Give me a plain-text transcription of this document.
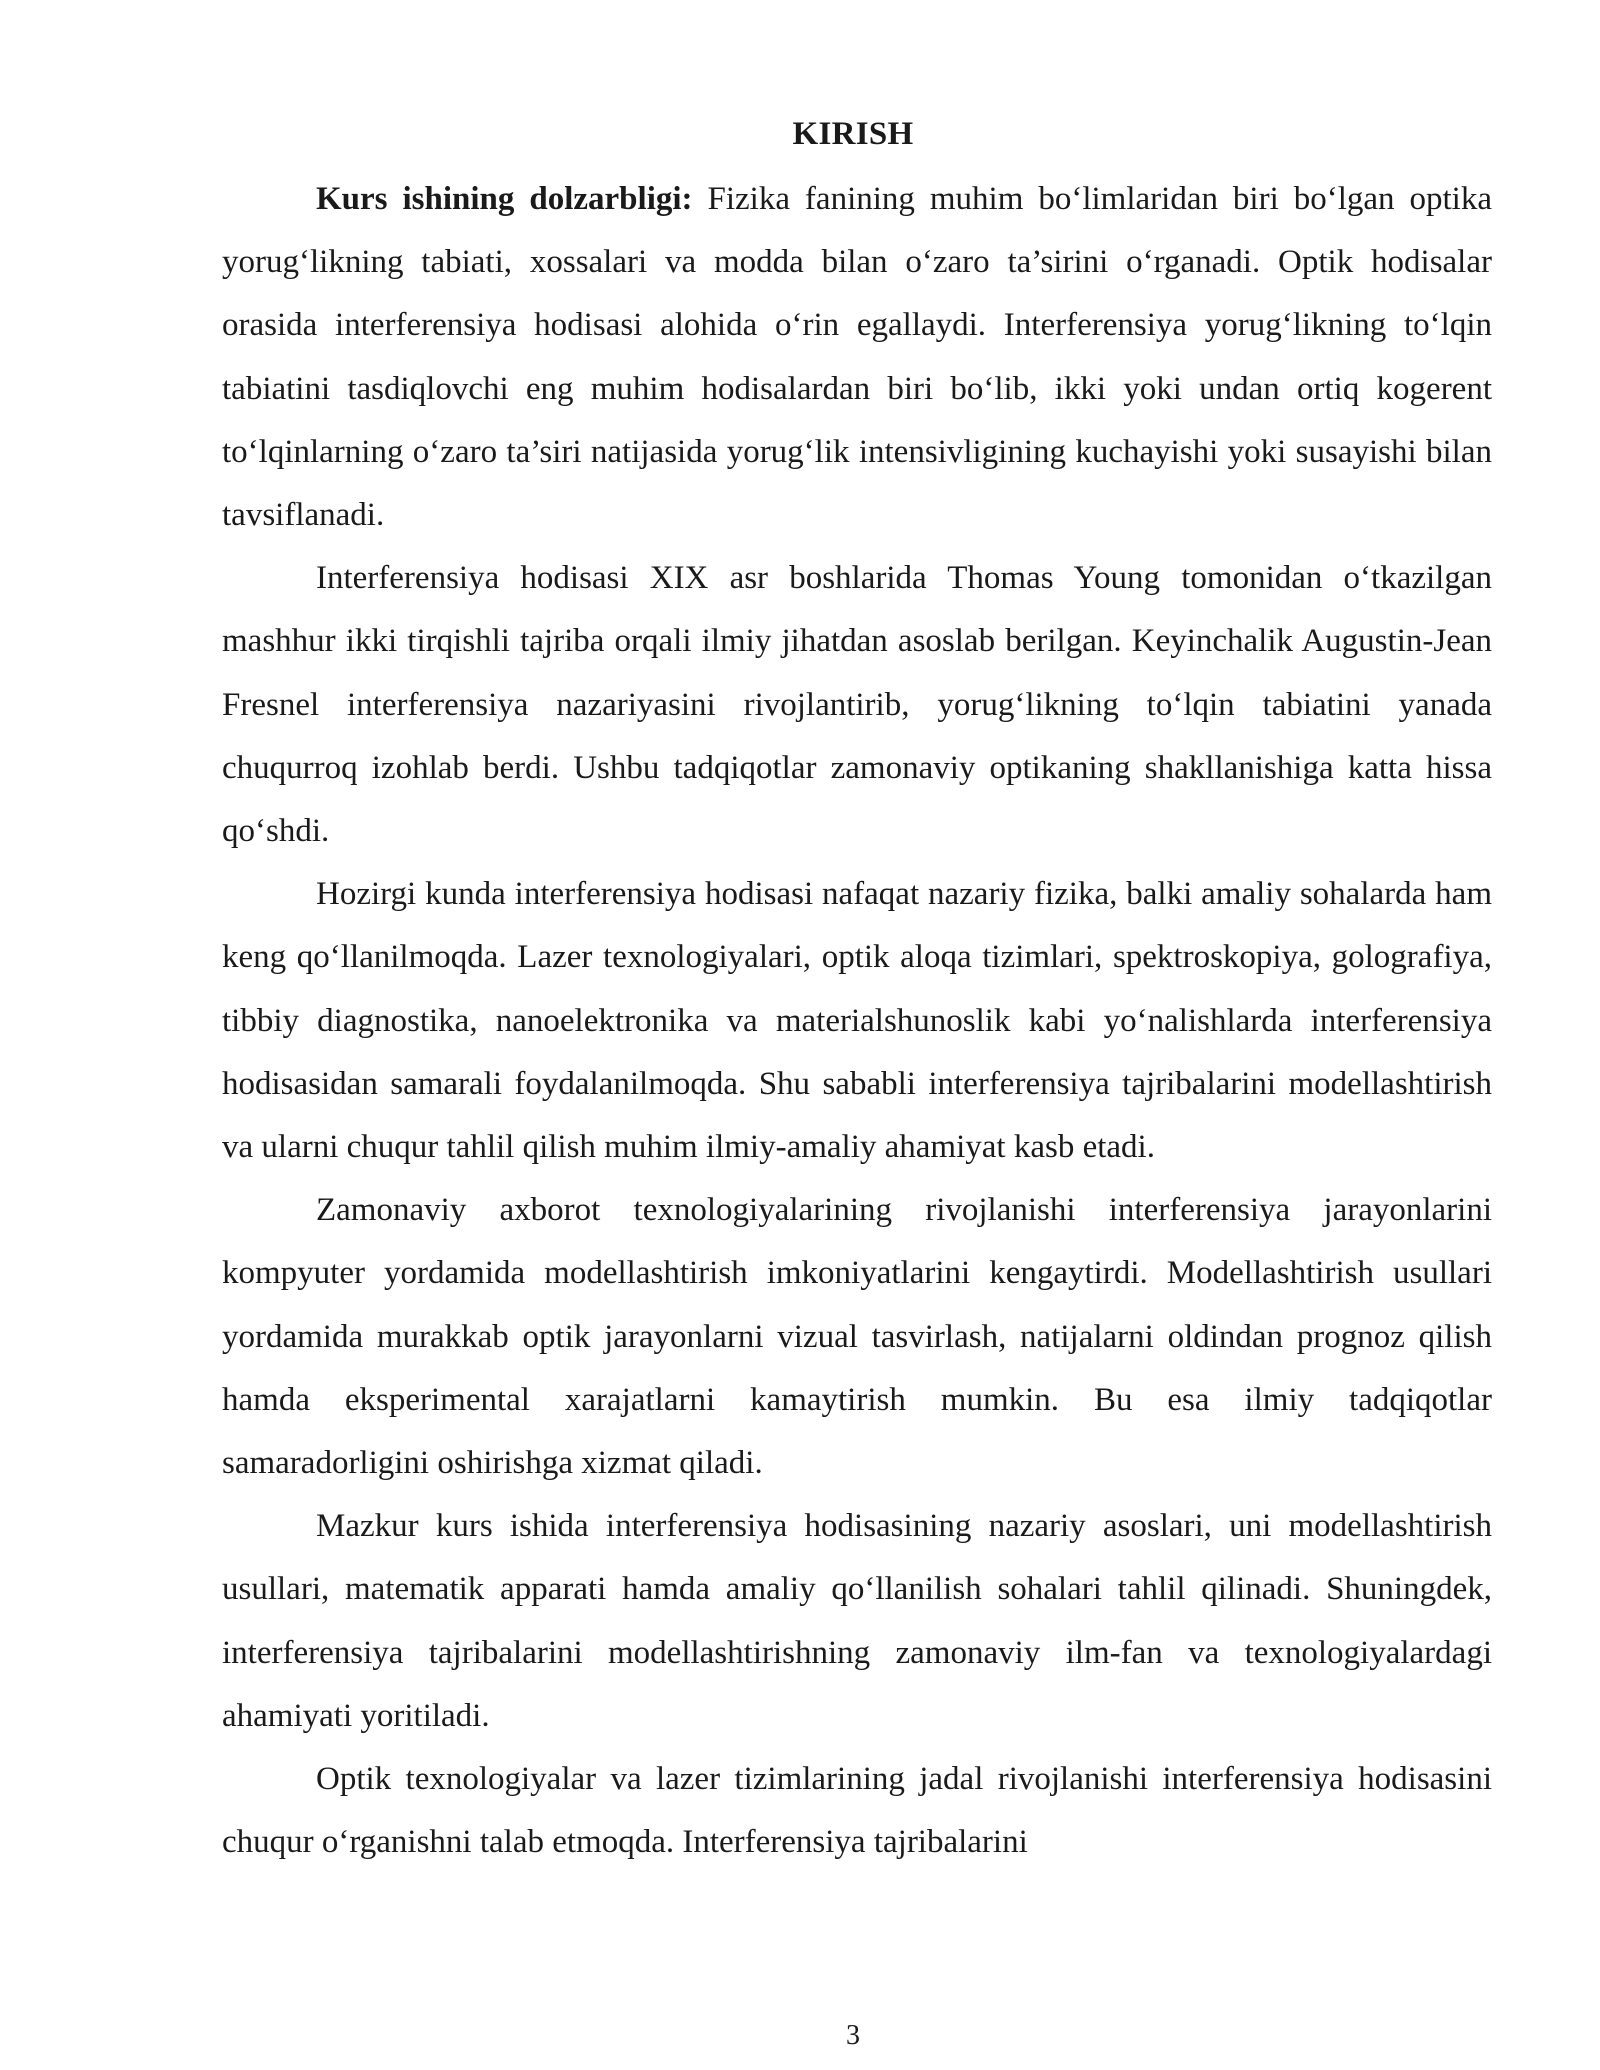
KIRISH

Kurs ishining dolzarbligi: Fizika fanining muhim bo‘limlaridan biri bo‘lgan optika yorug‘likning tabiati, xossalari va modda bilan o‘zaro ta’sirini o‘rganadi. Optik hodisalar orasida interferensiya hodisasi alohida o‘rin egallaydi. Interferensiya yorug‘likning to‘lqin tabiatini tasdiqlovchi eng muhim hodisalardan biri bo‘lib, ikki yoki undan ortiq kogerent to‘lqinlarning o‘zaro ta’siri natijasida yorug‘lik intensivligining kuchayishi yoki susayishi bilan tavsiflanadi.

Interferensiya hodisasi XIX asr boshlarida Thomas Young tomonidan o‘tkazilgan mashhur ikki tirqishli tajriba orqali ilmiy jihatdan asoslab berilgan. Keyinchalik Augustin-Jean Fresnel interferensiya nazariyasini rivojlantirib, yorug‘likning to‘lqin tabiatini yanada chuqurroq izohlab berdi. Ushbu tadqiqotlar zamonaviy optikaning shakllanishiga katta hissa qo‘shdi.

Hozirgi kunda interferensiya hodisasi nafaqat nazariy fizika, balki amaliy sohalarda ham keng qo‘llanilmoqda. Lazer texnologiyalari, optik aloqa tizimlari, spektroskopiya, golografiya, tibbiy diagnostika, nanoelektronika va materialshunoslik kabi yo‘nalishlarda interferensiya hodisasidan samarali foydalanilmoqda. Shu sababli interferensiya tajribalarini modellashtirish va ularni chuqur tahlil qilish muhim ilmiy-amaliy ahamiyat kasb etadi.

Zamonaviy axborot texnologiyalarining rivojlanishi interferensiya jarayonlarini kompyuter yordamida modellashtirish imkoniyatlarini kengaytirdi. Modellashtirish usullari yordamida murakkab optik jarayonlarni vizual tasvirlash, natijalarni oldindan prognoz qilish hamda eksperimental xarajatlarni kamaytirish mumkin. Bu esa ilmiy tadqiqotlar samaradorligini oshirishga xizmat qiladi.

Mazkur kurs ishida interferensiya hodisasining nazariy asoslari, uni modellashtirish usullari, matematik apparati hamda amaliy qo‘llanilish sohalari tahlil qilinadi. Shuningdek, interferensiya tajribalarini modellashtirishning zamonaviy ilm-fan va texnologiyalardagi ahamiyati yoritiladi.

Optik texnologiyalar va lazer tizimlarining jadal rivojlanishi interferensiya hodisasini chuqur o‘rganishni talab etmoqda. Interferensiya tajribalarini

3
